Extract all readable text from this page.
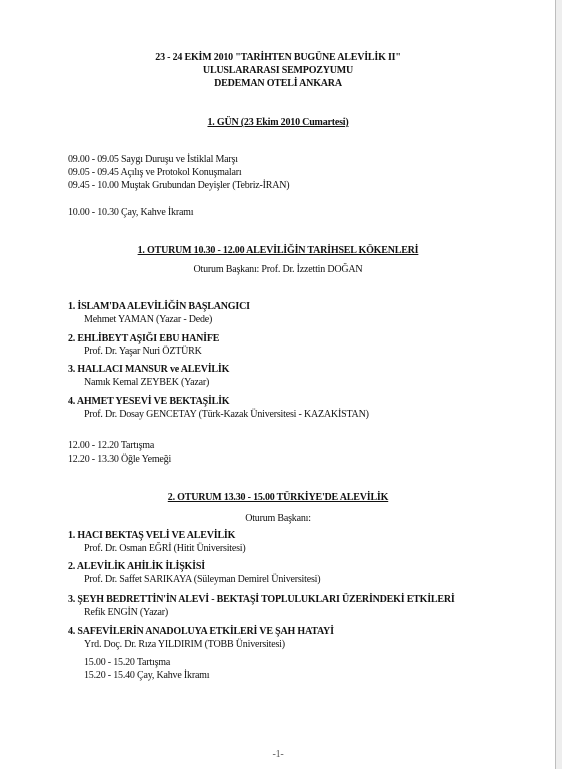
23 - 24 EKİM 2010 "TARİHTEN BUGÜNE ALEVİLİK II"
ULUSLARARASI SEMPOZYUMU
DEDEMAN OTELİ ANKARA
1. GÜN (23 Ekim 2010 Cumartesi)
09.00 - 09.05 Saygı Duruşu ve İstiklal Marşı
09.05 - 09.45 Açılış ve Protokol Konuşmaları
09.45 - 10.00 Muştak Grubundan Deyişler (Tebriz-İRAN)
10.00 - 10.30 Çay, Kahve İkramı
1. OTURUM 10.30 - 12.00 ALEVİLİĞİN TARİHSEL KÖKENLERİ
Oturum Başkanı: Prof. Dr. İzzettin DOĞAN
1. İSLAM'DA ALEVİLİĞİN BAŞLANGICI
Mehmet YAMAN (Yazar - Dede)
2. EHLİBEYT AŞIĞI EBU HANİFE
Prof. Dr. Yaşar Nuri ÖZTÜRK
3. HALLACI MANSUR ve ALEVİLİK
Namık Kemal ZEYBEK (Yazar)
4. AHMET YESEVİ VE BEKTAŞİLİK
Prof. Dr. Dosay GENCETAY (Türk-Kazak Üniversitesi - KAZAKİSTAN)
12.00 - 12.20 Tartışma
12.20 - 13.30 Öğle Yemeği
2. OTURUM 13.30 - 15.00 TÜRKİYE'DE ALEVİLİK
Oturum Başkanı:
1. HACI BEKTAŞ VELİ VE ALEVİLİK
Prof. Dr. Osman EĞRİ (Hitit Üniversitesi)
2. ALEVİLİK AHİLİK İLİŞKİSİ
Prof. Dr. Saffet SARIKAYA (Süleyman Demirel Üniversitesi)
3. ŞEYH BEDRETTİN'İN ALEVİ - BEKTAŞİ TOPLULUKLARI ÜZERİNDEKİ ETKİLERİ
Refik ENGİN (Yazar)
4. SAFEVİLERİN ANADOLUYA ETKİLERİ VE ŞAH HATAYİ
Yrd. Doç. Dr. Rıza YILDIRIM (TOBB Üniversitesi)
15.00 - 15.20 Tartışma
15.20 - 15.40 Çay, Kahve İkramı
-1-
